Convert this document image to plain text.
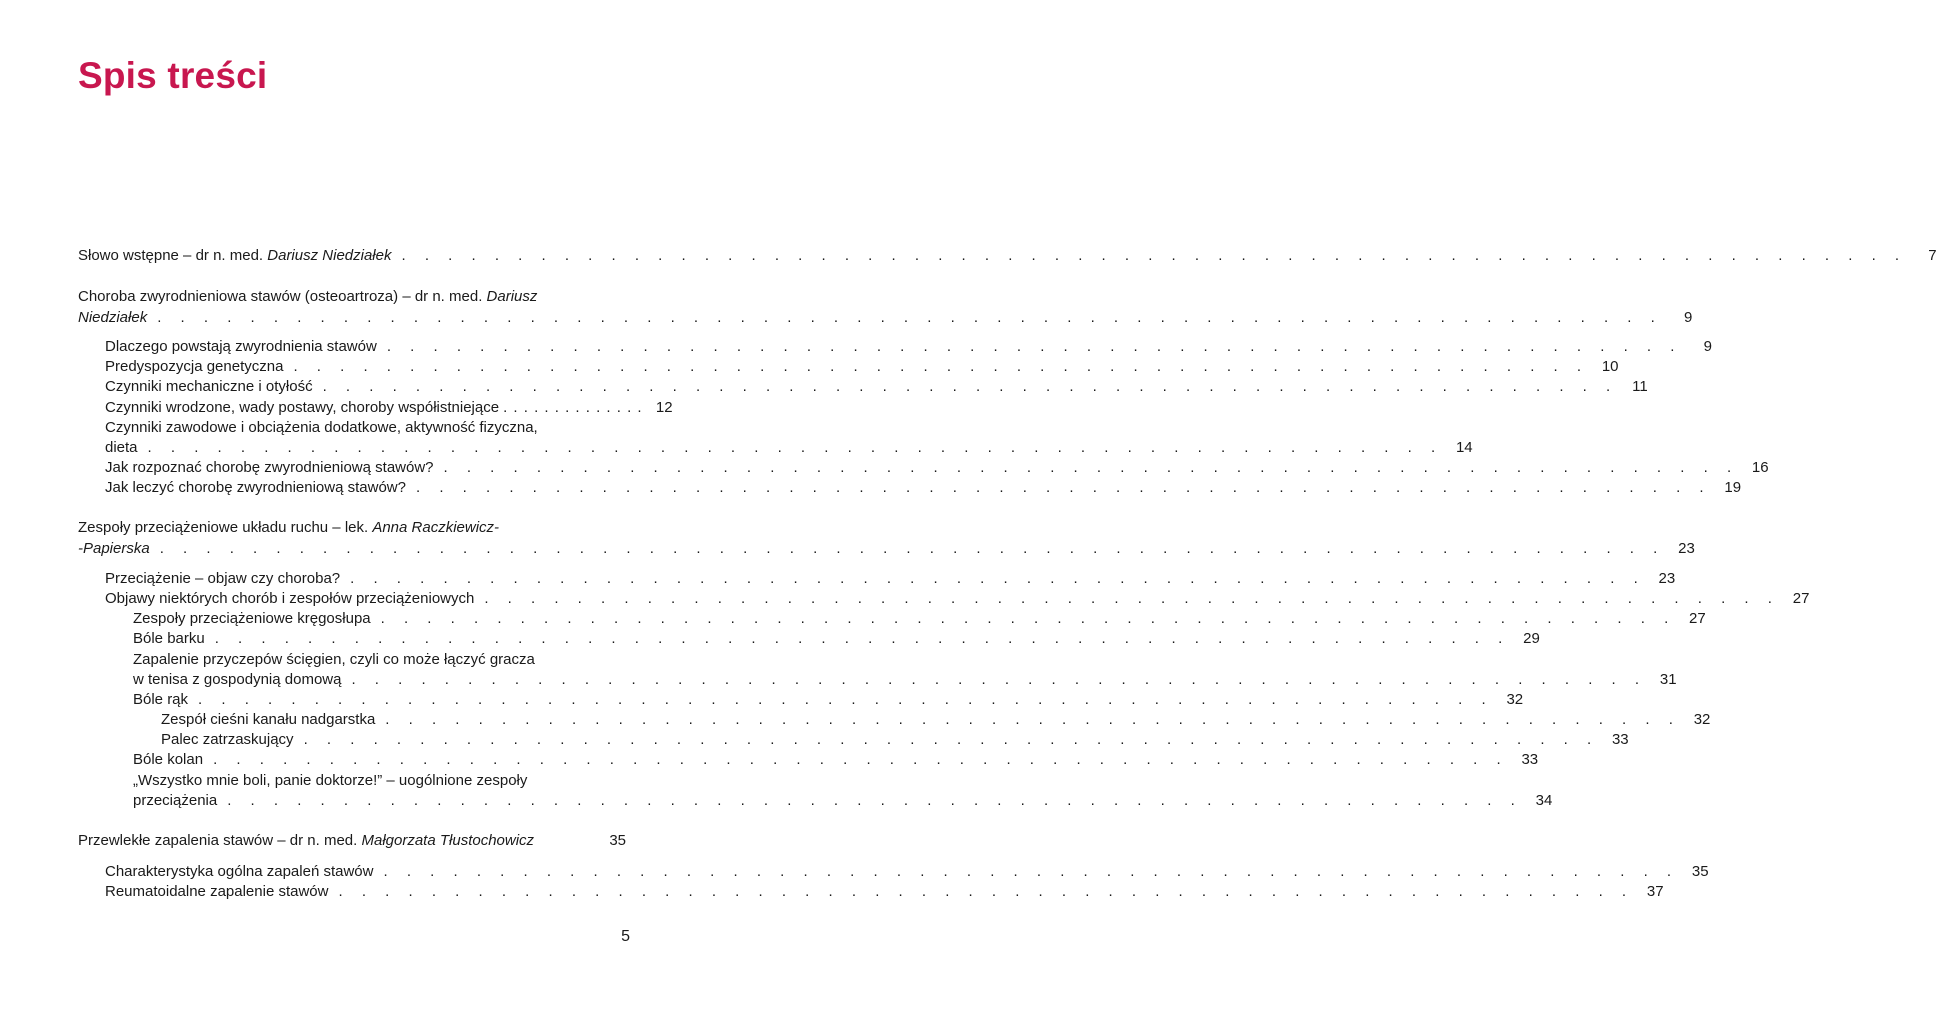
Spis treści
Słowo wstępne – dr n. med. Dariusz Niedziałek . . . . . . . . . . . . . . . . . . . . . . . . . . . . . . . . . . . . . . . . . . . . . . . . . . . . . . . . . . . . . . . . .	7
Choroba zwyrodnieniowa stawów (osteoartroza) – dr n. med. Dariusz
Niedziałek . . . . . . . . . . . . . . . . . . . . . . . . . . . . . . . . . . . . . . . . . . . . . . . . . . . . . . . . . . . . . . . . .	9
Dlaczego powstają zwyrodnienia stawów . . . . . . . . . . . . . . . . . . . . . . . . . . . . . . . . . . . . . . . . . . . . . . . . . . . . . . . .	9
Predyspozycja genetyczna . . . . . . . . . . . . . . . . . . . . . . . . . . . . . . . . . . . . . . . . . . . . . . . . . . . . . . . . 10
Czynniki mechaniczne i otyłość . . . . . . . . . . . . . . . . . . . . . . . . . . . . . . . . . . . . . . . . . . . . . . . . . . . . . . . . 11
Czynniki wrodzone, wady postawy, choroby współistniejące . . . . . . . . . . . . . . 12
Czynniki zawodowe i obciążenia dodatkowe, aktywność fizyczna,
dieta . . . . . . . . . . . . . . . . . . . . . . . . . . . . . . . . . . . . . . . . . . . . . . . . . . . . . . . . 14
Jak rozpoznać chorobę zwyrodnieniową stawów? . . . . . . . . . . . . . . . . . . . . . . . . . . . . . . . . . . . . . . . . . . . . . . . . . . . . . . . . 16
Jak leczyć chorobę zwyrodnieniową stawów? . . . . . . . . . . . . . . . . . . . . . . . . . . . . . . . . . . . . . . . . . . . . . . . . . . . . . . . . 19
Zespoły przeciążeniowe układu ruchu – lek. Anna Raczkiewicz-
-Papierska . . . . . . . . . . . . . . . . . . . . . . . . . . . . . . . . . . . . . . . . . . . . . . . . . . . . . . . . . . . . . . . . . 23
Przeciążenie – objaw czy choroba? . . . . . . . . . . . . . . . . . . . . . . . . . . . . . . . . . . . . . . . . . . . . . . . . . . . . . . . . 23
Objawy niektórych chorób i zespołów przeciążeniowych . . . . . . . . . . . . . . . . . . . . . . . . . . . . . . . . . . . . . . . . . . . . . . . . . . . . . . . . 27
Zespoły przeciążeniowe kręgosłupa . . . . . . . . . . . . . . . . . . . . . . . . . . . . . . . . . . . . . . . . . . . . . . . . . . . . . . . . 27
Bóle barku . . . . . . . . . . . . . . . . . . . . . . . . . . . . . . . . . . . . . . . . . . . . . . . . . . . . . . . . 29
Zapalenie przyczepów ścięgien, czyli co może łączyć gracza
w tenisa z gospodynią domową . . . . . . . . . . . . . . . . . . . . . . . . . . . . . . . . . . . . . . . . . . . . . . . . . . . . . . . . 31
Bóle rąk . . . . . . . . . . . . . . . . . . . . . . . . . . . . . . . . . . . . . . . . . . . . . . . . . . . . . . . . 32
Zespół cieśni kanału nadgarstka . . . . . . . . . . . . . . . . . . . . . . . . . . . . . . . . . . . . . . . . . . . . . . . . . . . . . . . . 32
Palec zatrzaskujący . . . . . . . . . . . . . . . . . . . . . . . . . . . . . . . . . . . . . . . . . . . . . . . . . . . . . . . . 33
Bóle kolan . . . . . . . . . . . . . . . . . . . . . . . . . . . . . . . . . . . . . . . . . . . . . . . . . . . . . . . . 33
„Wszystko mnie boli, panie doktorze!” – uogólnione zespoły
przeciążenia . . . . . . . . . . . . . . . . . . . . . . . . . . . . . . . . . . . . . . . . . . . . . . . . . . . . . . . . 34
Przewlekłe zapalenia stawów – dr n. med. Małgorzata Tłustochowicz	35
Charakterystyka ogólna zapaleń stawów . . . . . . . . . . . . . . . . . . . . . . . . . . . . . . . . . . . . . . . . . . . . . . . . . . . . . . . . 35
Reumatoidalne zapalenie stawów . . . . . . . . . . . . . . . . . . . . . . . . . . . . . . . . . . . . . . . . . . . . . . . . . . . . . . . . 37
5
